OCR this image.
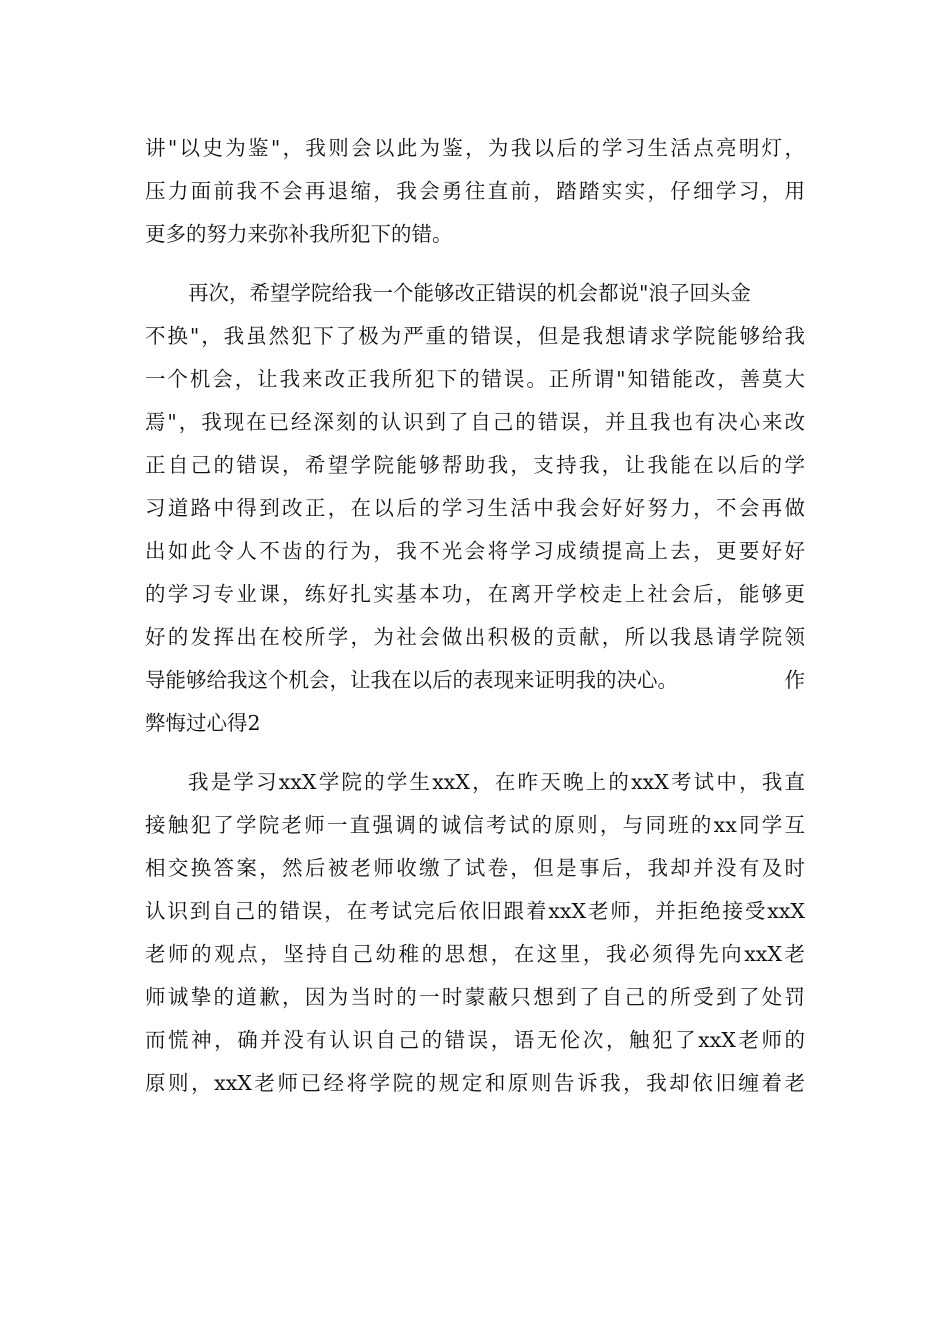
讲"以史为鉴"，我则会以此为鉴，为我以后的学习生活点亮明灯，

压力面前我不会再退缩，我会勇往直前，踏踏实实，仔细学习，用

更多的努力来弥补我所犯下的错。

再次，希望学院给我一个能够改正错误的机会都说"浪子回头金

不换"，我虽然犯下了极为严重的错误，但是我想请求学院能够给我

一个机会，让我来改正我所犯下的错误。正所谓"知错能改，善莫大

焉"，我现在已经深刻的认识到了自己的错误，并且我也有决心来改

正自己的错误，希望学院能够帮助我，支持我，让我能在以后的学

习道路中得到改正，在以后的学习生活中我会好好努力，不会再做

出如此令人不齿的行为，我不光会将学习成绩提高上去，更要好好

的学习专业课，练好扎实基本功，在离开学校走上社会后，能够更

好的发挥出在校所学，为社会做出积极的贡献，所以我恳请学院领

导能够给我这个机会，让我在以后的表现来证明我的决心。	作

弊悔过心得2

我是学习xxX学院的学生xxX，在昨天晚上的xxX考试中，我直

接触犯了学院老师一直强调的诚信考试的原则，与同班的xx同学互

相交换答案，然后被老师收缴了试卷，但是事后，我却并没有及时

认识到自己的错误，在考试完后依旧跟着xxX老师，并拒绝接受xxX

老师的观点，坚持自己幼稚的思想，在这里，我必须得先向xxX老

师诚挚的道歉，因为当时的一时蒙蔽只想到了自己的所受到了处罚

而慌神，确并没有认识自己的错误，语无伦次，触犯了xxX老师的

原则，xxX老师已经将学院的规定和原则告诉我，我却依旧缠着老
